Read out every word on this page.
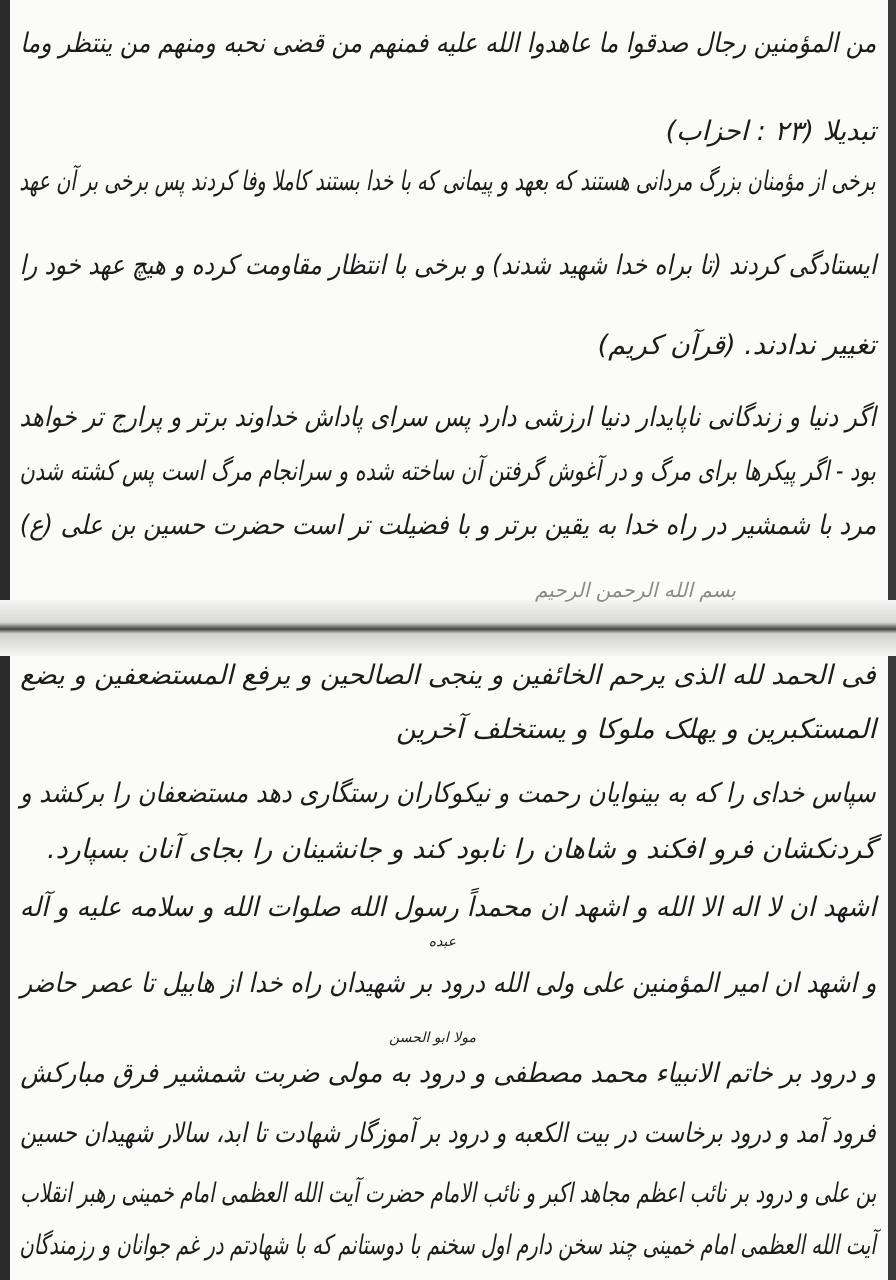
من المؤمنین رجال صدقوا ما عاهدوا الله علیه فمنهم من قضی نحبه ومنهم من ینتظر وما
تبدیلا (۲۳ : احزاب)
برخی از مؤمنان بزرگ مردانی هستند که بعهد و پیمانی که با خدا بستند کاملا وفا کردند پس برخی بر آن عهد
ایستادگی کردند (تا براه خدا شهید شدند) و برخی با انتظار مقاومت کرده و هیچ عهد خود را
تغییر ندادند. (قرآن کریم)
اگر دنیا و زندگانی ناپایدار دنیا ارزشی دارد پس سرای پاداش خداوند برتر و پرارج تر خواهد
بود - اگر پیکرها برای مرگ و در آغوش گرفتن آن ساخته شده و سرانجام مرگ است پس کشته شدن
مرد با شمشیر در راه خدا به یقین برتر و با فضیلت تر است حضرت حسین بن علی (ع)
بسم الله الرحمن الرحیم
فی الحمد لله الذی یرحم الخائفین و ینجی الصالحین و یرفع المستضعفین و یضع
المستکبرین و یهلک ملوکا و یستخلف آخرین
سپاس خدای را که به بینوایان رحمت و نیکوکاران رستگاری دهد مستضعفان را برکشد و
گردنکشان فرو افکند و شاهان را نابود کند و جانشینان را بجای آنان بسپارد.
اشهد ان لا اله الا الله و اشهد ان محمداً رسول الله صلوات الله و سلامه علیه و آله
عبده
و اشهد ان امیر المؤمنین علی ولی الله درود بر شهیدان راه خدا از هابیل تا عصر حاضر
مولا ابو الحسن
و درود بر خاتم الانبیاء محمد مصطفی و درود به مولی ضربت شمشیر فرق مبارکش
فرود آمد و درود برخاست در بیت الکعبه و درود بر آموزگار شهادت تا ابد، سالار شهیدان حسین
بن علی و درود بر نائب اعظم مجاهد اکبر و نائب الامام حضرت آیت الله العظمی امام خمینی رهبر انقلاب
آیت الله العظمی امام خمینی چند سخن دارم اول سخنم با دوستانم که با شهادتم در غم جوانان و رزمندگان
